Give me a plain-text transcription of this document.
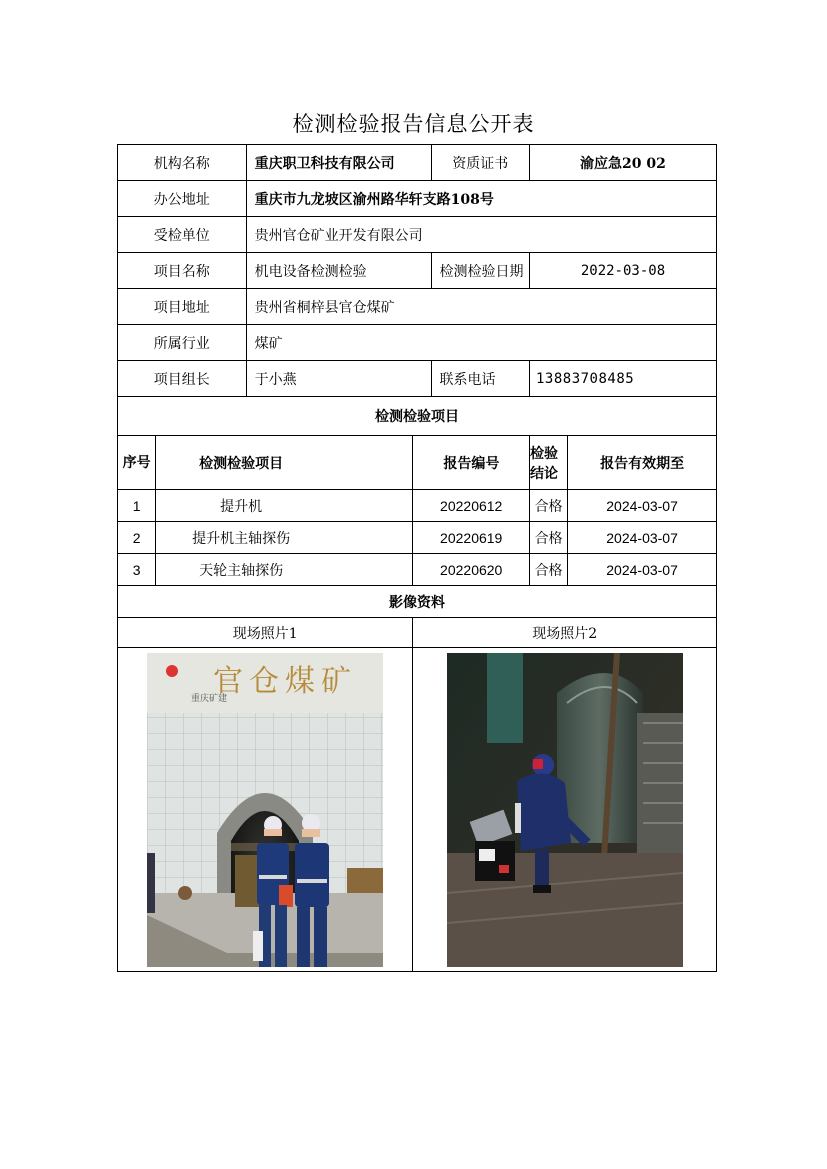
检测检验报告信息公开表
机构名称		重庆职卫科技有限公司		资质证书	渝应急20 02	
办公地址		重庆市九龙坡区渝州路华轩支路108号				
受检单位		贵州官仓矿业开发有限公司				
项目名称		机电设备检测检验		检测检验日期	2022-03-08	
项目地址		贵州省桐梓县官仓煤矿				
所属行业		煤矿				
项目组长		于小燕		联系电话	13883708485	
检测检验项目						
序号	检测检验项目		报告编号		检验结论	报告有效期至
1	提升机		20220612		合格	2024-03-07
2	提升机主轴探伤		20220619		合格	2024-03-07
3	天轮主轴探伤		20220620		合格	2024-03-07
影像资料						
现场照片1			现场照片2			

重庆矿建
官仓煤矿
